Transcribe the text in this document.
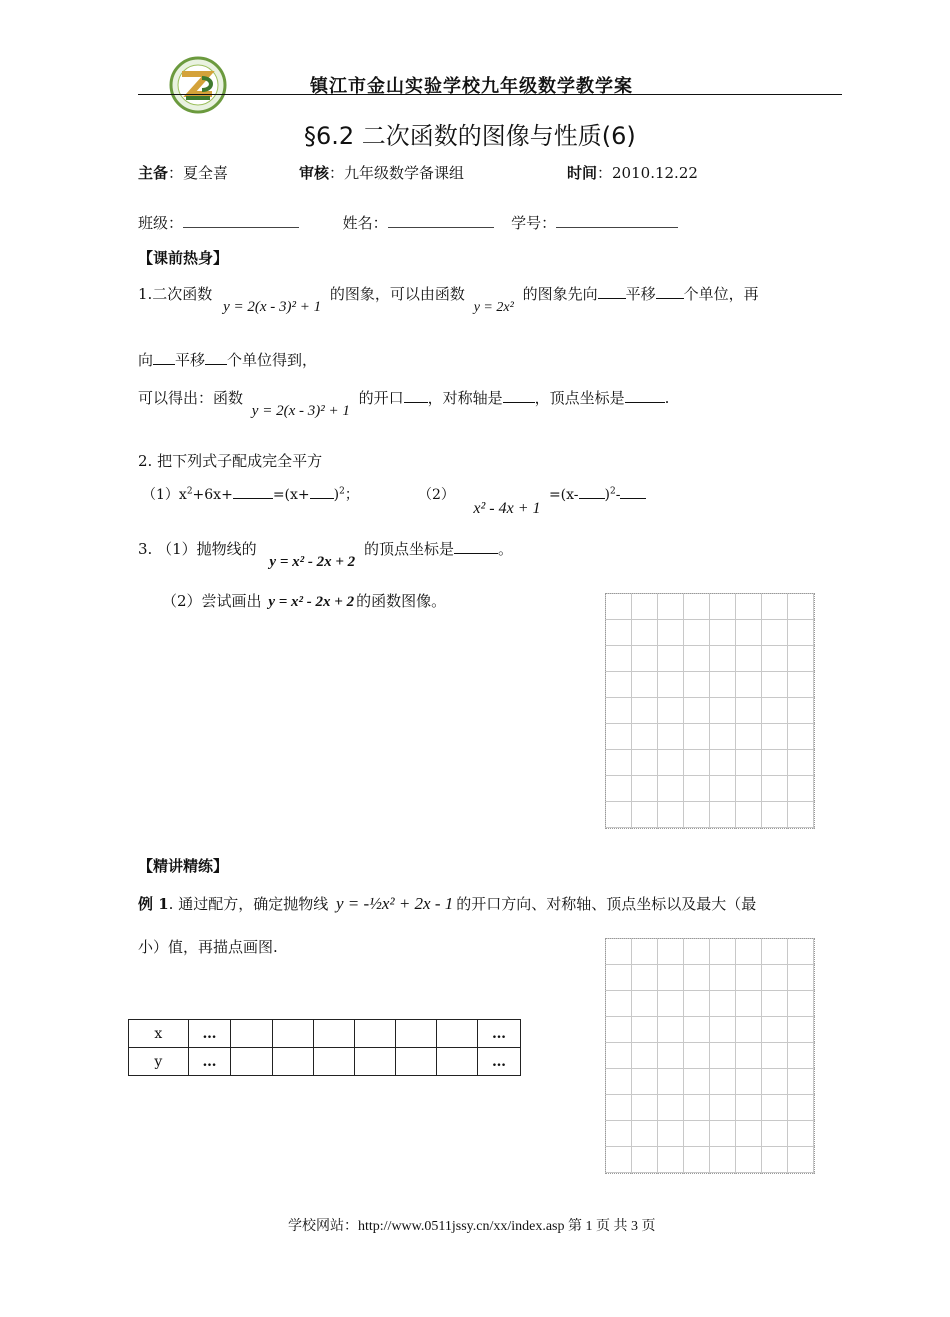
镇江市金山实验学校九年级数学教学案
§6.2 二次函数的图像与性质(6)
主备：夏全喜	审核：九年级数学备课组	时间：2010.12.22
班级：	姓名：	学号：
【课前热身】
1.二次函数 y = 2(x - 3)² + 1 的图象，可以由函数 y = 2x² 的图象先向 平移 个单位，再
向 平移 个单位得到，
可以得出：函数 y = 2(x - 3)² + 1 的开口 ，对称轴是 ，顶点坐标是	.
2. 把下列式子配成完全平方
$(1)x^2+6x+$	$=(x+ )^2$；	（2） x² - 4x + 1 =(x- )$^2$-
3. （1）抛物线的 y = x² - 2x + 2 的顶点坐标是	。
（2）尝试画出 y = x² - 2x + 2 的函数图像。
【精讲精练】
例 1. 通过配方，确定抛物线 y = -½x² + 2x - 1 的开口方向、对称轴、顶点坐标以及最大（最
小）值，再描点画图.
x	…							…
y	…							…
学校网站：http://www.0511jssy.cn/xx/index.asp 第 1 页 共 3 页
